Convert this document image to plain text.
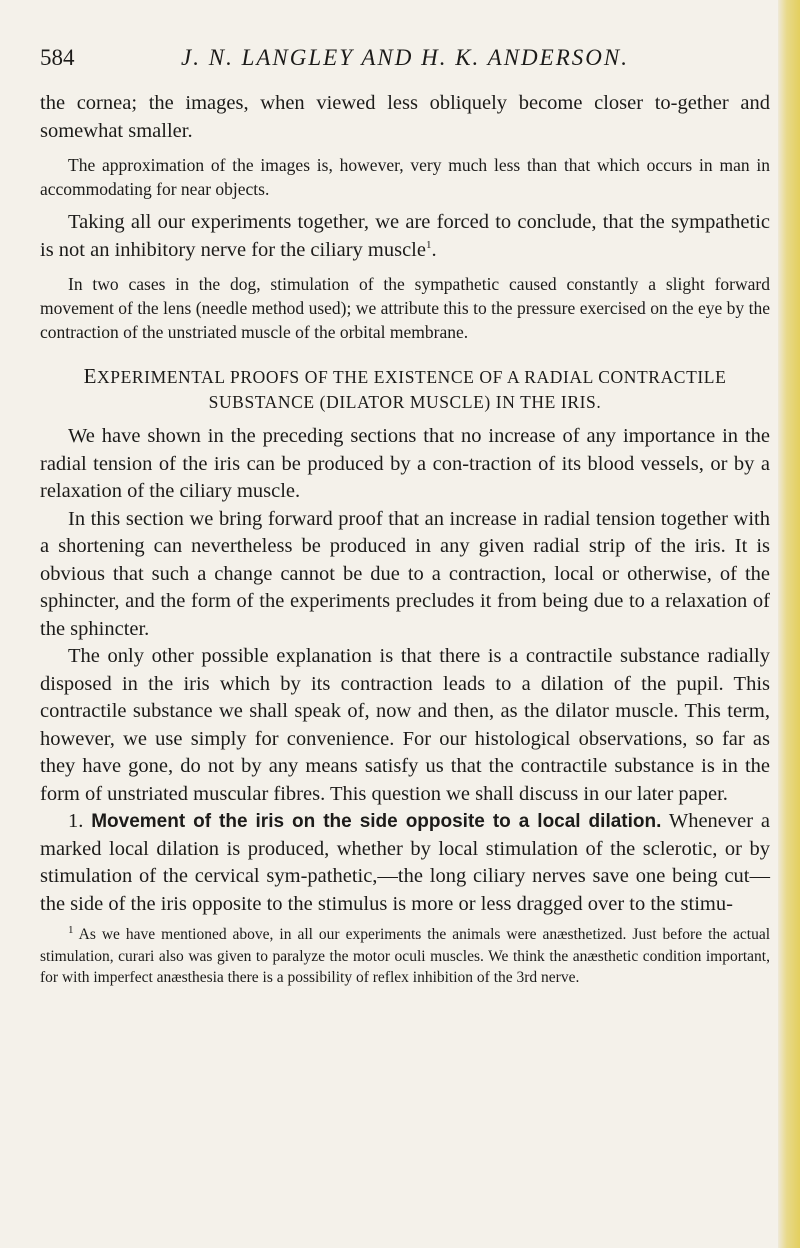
584	J. N. LANGLEY AND H. K. ANDERSON.

the cornea; the images, when viewed less obliquely become closer to-gether and somewhat smaller.

The approximation of the images is, however, very much less than that which occurs in man in accommodating for near objects.

Taking all our experiments together, we are forced to conclude, that the sympathetic is not an inhibitory nerve for the ciliary muscle$^1$.

In two cases in the dog, stimulation of the sympathetic caused constantly a slight forward movement of the lens (needle method used); we attribute this to the pressure exercised on the eye by the contraction of the unstriated muscle of the orbital membrane.

EXPERIMENTAL PROOFS OF THE EXISTENCE OF A RADIAL CONTRACTILE
SUBSTANCE (DILATOR MUSCLE) IN THE IRIS.

We have shown in the preceding sections that no increase of any importance in the radial tension of the iris can be produced by a con-traction of its blood vessels, or by a relaxation of the ciliary muscle.

In this section we bring forward proof that an increase in radial tension together with a shortening can nevertheless be produced in any given radial strip of the iris. It is obvious that such a change cannot be due to a contraction, local or otherwise, of the sphincter, and the form of the experiments precludes it from being due to a relaxation of the sphincter.

The only other possible explanation is that there is a contractile substance radially disposed in the iris which by its contraction leads to a dilation of the pupil. This contractile substance we shall speak of, now and then, as the dilator muscle. This term, however, we use simply for convenience. For our histological observations, so far as they have gone, do not by any means satisfy us that the contractile substance is in the form of unstriated muscular fibres. This question we shall discuss in our later paper.

1. Movement of the iris on the side opposite to a local dilation. Whenever a marked local dilation is produced, whether by local stimulation of the sclerotic, or by stimulation of the cervical sym-pathetic,—the long ciliary nerves save one being cut—the side of the iris opposite to the stimulus is more or less dragged over to the stimu-

$^1$ As we have mentioned above, in all our experiments the animals were anæsthetized. Just before the actual stimulation, curari also was given to paralyze the motor oculi muscles. We think the anæsthetic condition important, for with imperfect anæsthesia there is a possibility of reflex inhibition of the 3rd nerve.
